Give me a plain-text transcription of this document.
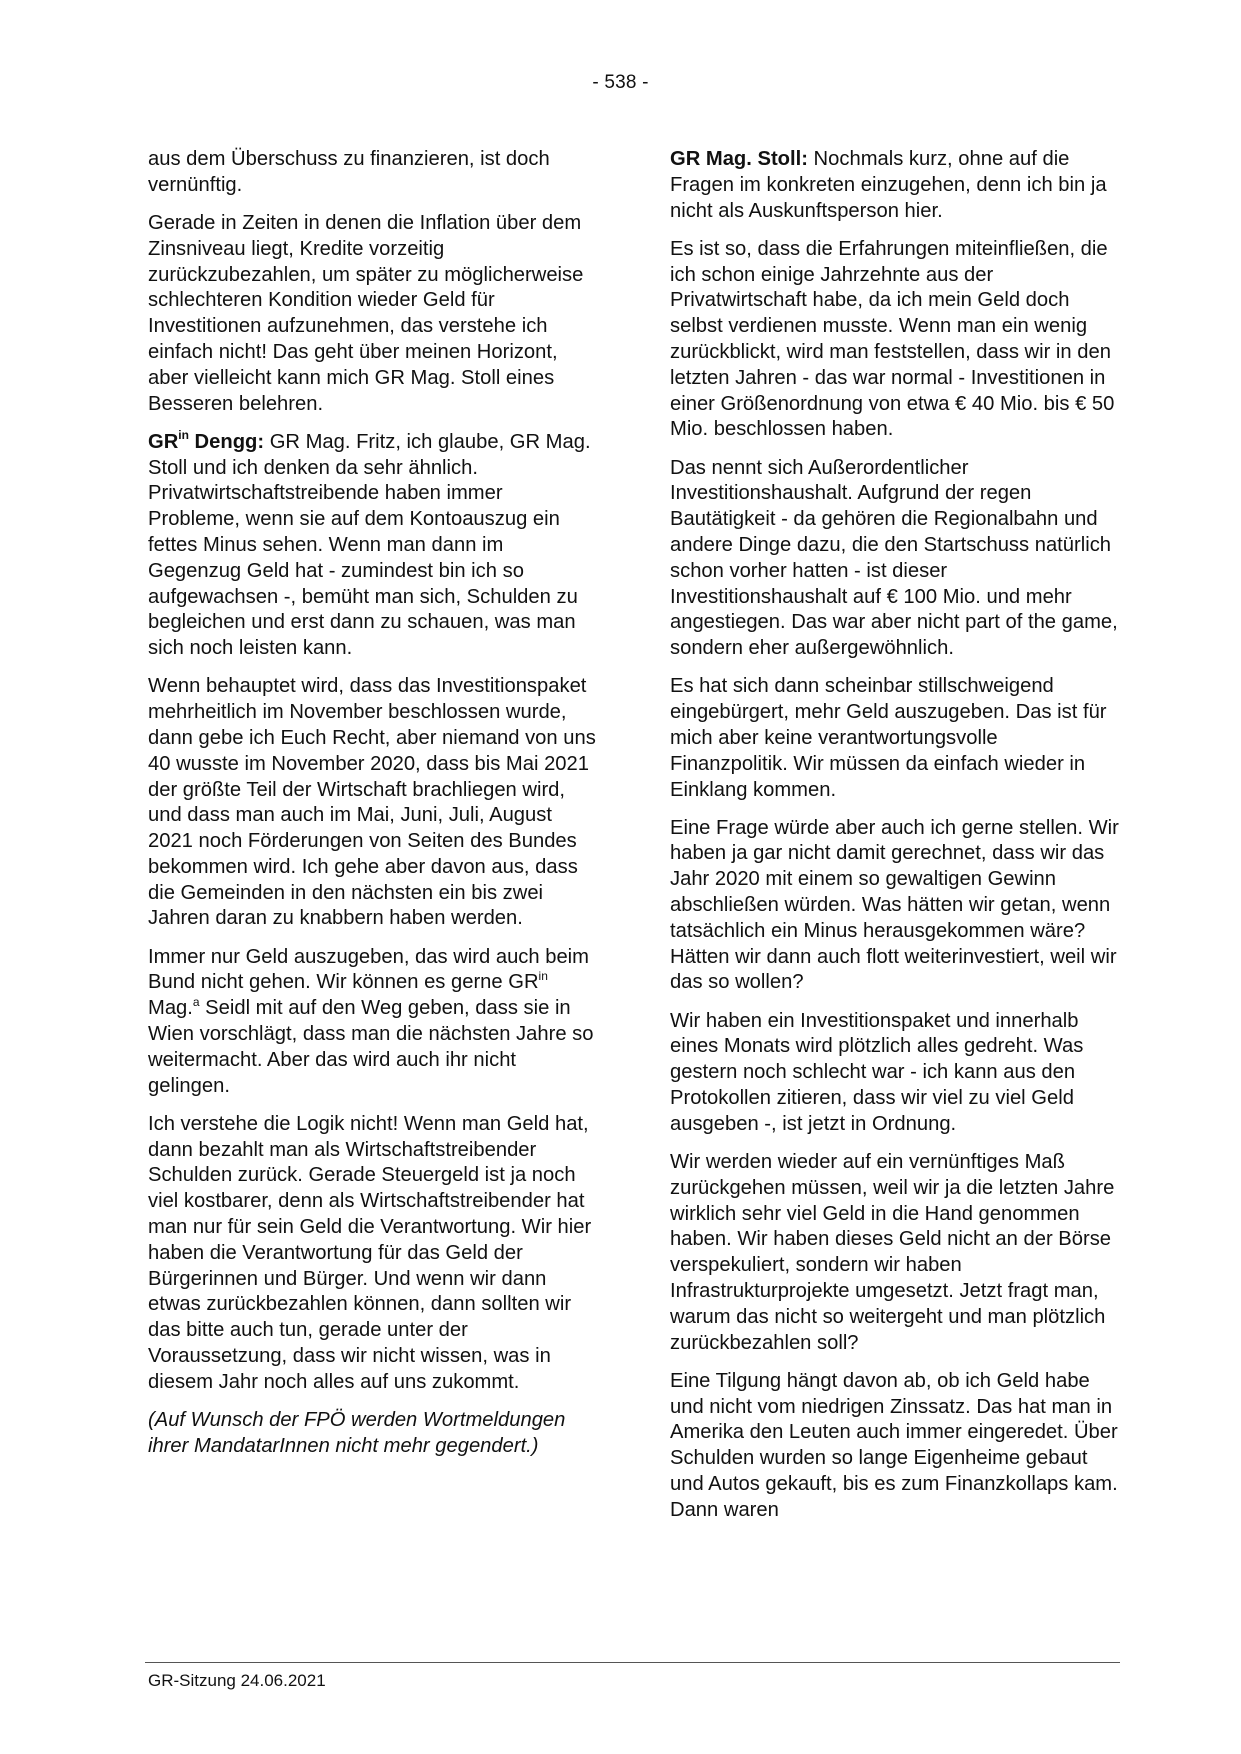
- 538 -

aus dem Überschuss zu finanzieren, ist doch vernünftig.

Gerade in Zeiten in denen die Inflation über dem Zinsniveau liegt, Kredite vorzeitig zurückzubezahlen, um später zu möglicherweise schlechteren Kondition wieder Geld für Investitionen aufzunehmen, das verstehe ich einfach nicht! Das geht über meinen Horizont, aber vielleicht kann mich GR Mag. Stoll eines Besseren belehren.

$GR^{in}$ Dengg: GR Mag. Fritz, ich glaube, GR Mag. Stoll und ich denken da sehr ähnlich. Privatwirtschaftstreibende haben immer Probleme, wenn sie auf dem Kontoauszug ein fettes Minus sehen. Wenn man dann im Gegenzug Geld hat - zumindest bin ich so aufgewachsen -, bemüht man sich, Schulden zu begleichen und erst dann zu schauen, was man sich noch leisten kann.

Wenn behauptet wird, dass das Investitionspaket mehrheitlich im November beschlossen wurde, dann gebe ich Euch Recht, aber niemand von uns 40 wusste im November 2020, dass bis Mai 2021 der größte Teil der Wirtschaft brachliegen wird, und dass man auch im Mai, Juni, Juli, August 2021 noch Förderungen von Seiten des Bundes bekommen wird. Ich gehe aber davon aus, dass die Gemeinden in den nächsten ein bis zwei Jahren daran zu knabbern haben werden.

Immer nur Geld auszugeben, das wird auch beim Bund nicht gehen. Wir können es gerne $GR^{in}$ Mag.$^a$ Seidl mit auf den Weg geben, dass sie in Wien vorschlägt, dass man die nächsten Jahre so weitermacht. Aber das wird auch ihr nicht gelingen.

Ich verstehe die Logik nicht! Wenn man Geld hat, dann bezahlt man als Wirtschaftstreibender Schulden zurück. Gerade Steuergeld ist ja noch viel kostbarer, denn als Wirtschaftstreibender hat man nur für sein Geld die Verantwortung. Wir hier haben die Verantwortung für das Geld der Bürgerinnen und Bürger. Und wenn wir dann etwas zurückbezahlen können, dann sollten wir das bitte auch tun, gerade unter der Voraussetzung, dass wir nicht wissen, was in diesem Jahr noch alles auf uns zukommt.

(Auf Wunsch der FPÖ werden Wortmeldungen ihrer MandatarInnen nicht mehr gegendert.)

GR Mag. Stoll: Nochmals kurz, ohne auf die Fragen im konkreten einzugehen, denn ich bin ja nicht als Auskunftsperson hier.

Es ist so, dass die Erfahrungen miteinfließen, die ich schon einige Jahrzehnte aus der Privatwirtschaft habe, da ich mein Geld doch selbst verdienen musste. Wenn man ein wenig zurückblickt, wird man feststellen, dass wir in den letzten Jahren - das war normal - Investitionen in einer Größenordnung von etwa € 40 Mio. bis € 50 Mio. beschlossen haben.

Das nennt sich Außerordentlicher Investitionshaushalt. Aufgrund der regen Bautätigkeit - da gehören die Regionalbahn und andere Dinge dazu, die den Startschuss natürlich schon vorher hatten - ist dieser Investitionshaushalt auf € 100 Mio. und mehr angestiegen. Das war aber nicht part of the game, sondern eher außergewöhnlich.

Es hat sich dann scheinbar stillschweigend eingebürgert, mehr Geld auszugeben. Das ist für mich aber keine verantwortungsvolle Finanzpolitik. Wir müssen da einfach wieder in Einklang kommen.

Eine Frage würde aber auch ich gerne stellen. Wir haben ja gar nicht damit gerechnet, dass wir das Jahr 2020 mit einem so gewaltigen Gewinn abschließen würden. Was hätten wir getan, wenn tatsächlich ein Minus herausgekommen wäre? Hätten wir dann auch flott weiterinvestiert, weil wir das so wollen?

Wir haben ein Investitionspaket und innerhalb eines Monats wird plötzlich alles gedreht. Was gestern noch schlecht war - ich kann aus den Protokollen zitieren, dass wir viel zu viel Geld ausgeben -, ist jetzt in Ordnung.

Wir werden wieder auf ein vernünftiges Maß zurückgehen müssen, weil wir ja die letzten Jahre wirklich sehr viel Geld in die Hand genommen haben. Wir haben dieses Geld nicht an der Börse verspekuliert, sondern wir haben Infrastrukturprojekte umgesetzt. Jetzt fragt man, warum das nicht so weitergeht und man plötzlich zurückbezahlen soll?

Eine Tilgung hängt davon ab, ob ich Geld habe und nicht vom niedrigen Zinssatz. Das hat man in Amerika den Leuten auch immer eingeredet. Über Schulden wurden so lange Eigenheime gebaut und Autos gekauft, bis es zum Finanzkollaps kam. Dann waren

GR-Sitzung 24.06.2021
